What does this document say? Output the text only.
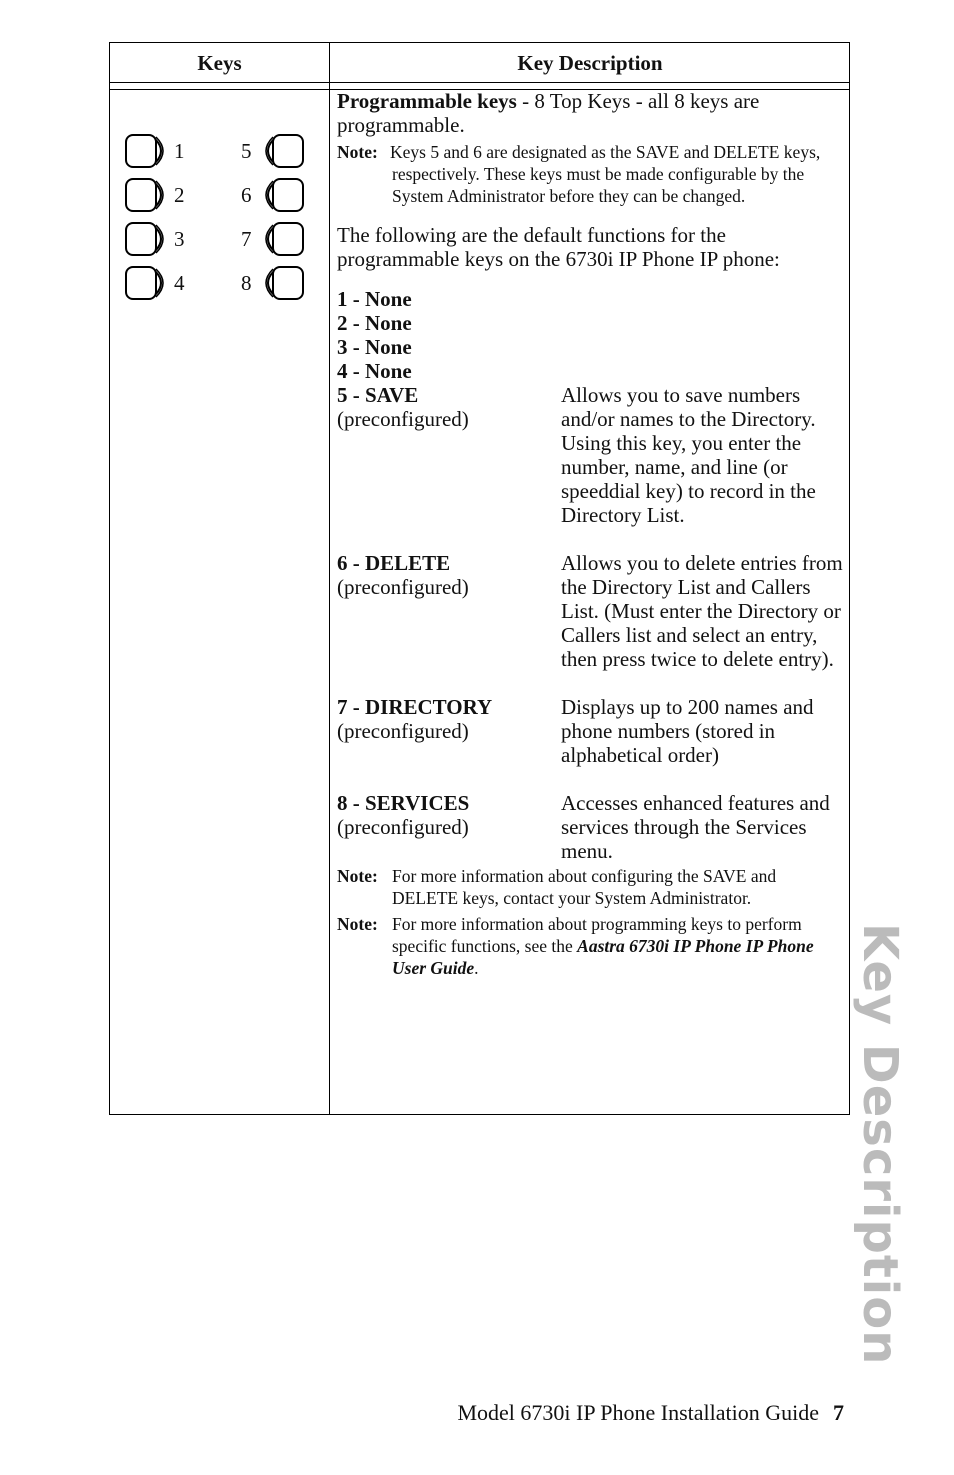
Keys	Key Description
1
2
3
4
5
6
7
8

Programmable keys - 8 Top Keys - all 8 keys are programmable.

Note: Keys 5 and 6 are designated as the SAVE and DELETE keys, respectively. These keys must be made configurable by the System Administrator before they can be changed.

The following are the default functions for the programmable keys on the 6730i IP Phone IP phone:

1 - None
2 - None
3 - None
4 - None
5 - SAVE
(preconfigured)
Allows you to save numbers and/or names to the Directory. Using this key, you enter the number, name, and line (or speeddial key) to record in the Directory List.
6 - DELETE
(preconfigured)
Allows you to delete entries from the Directory List and Callers List. (Must enter the Directory or Callers list and select an entry, then press twice to delete entry).
7 - DIRECTORY
(preconfigured)
Displays up to 200 names and phone numbers (stored in alphabetical order)
8 - SERVICES
(preconfigured)
Accesses enhanced features and services through the Services menu.
Note: For more information about configuring the SAVE and DELETE keys, contact your System Administrator.
Note: For more information about programming keys to perform specific functions, see the Aastra 6730i IP Phone IP Phone User Guide.	Key Description
Model 6730i IP Phone Installation Guide 7
